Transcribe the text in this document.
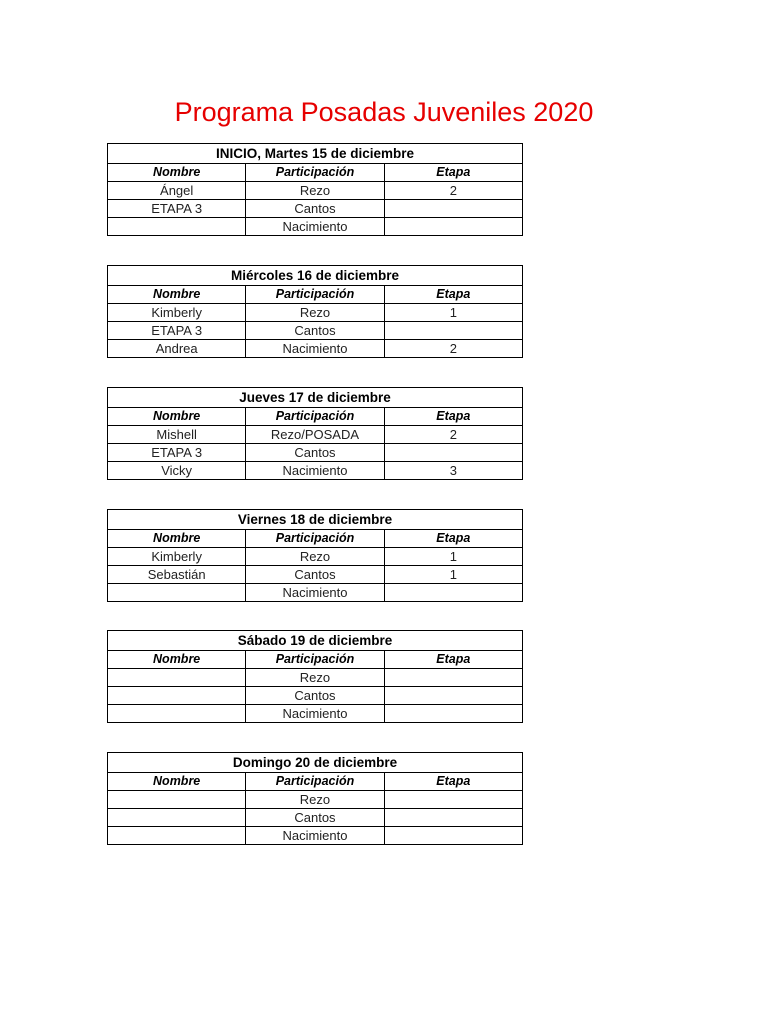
Programa Posadas Juveniles 2020
INICIO, Martes 15 de diciembre		
Nombre	Participación	Etapa
Ángel	Rezo	2
ETAPA 3	Cantos	
	Nacimiento	
Miércoles 16 de diciembre		
Nombre	Participación	Etapa
Kimberly	Rezo	1
ETAPA 3	Cantos	
Andrea	Nacimiento	2
Jueves 17 de diciembre		
Nombre	Participación	Etapa
Mishell	Rezo/POSADA	2
ETAPA 3	Cantos	
Vicky	Nacimiento	3
Viernes 18 de diciembre		
Nombre	Participación	Etapa
Kimberly	Rezo	1
Sebastián	Cantos	1
	Nacimiento	
Sábado 19 de diciembre		
Nombre	Participación	Etapa
	Rezo	
	Cantos	
	Nacimiento	
Domingo 20 de diciembre		
Nombre	Participación	Etapa
	Rezo	
	Cantos	
	Nacimiento	
